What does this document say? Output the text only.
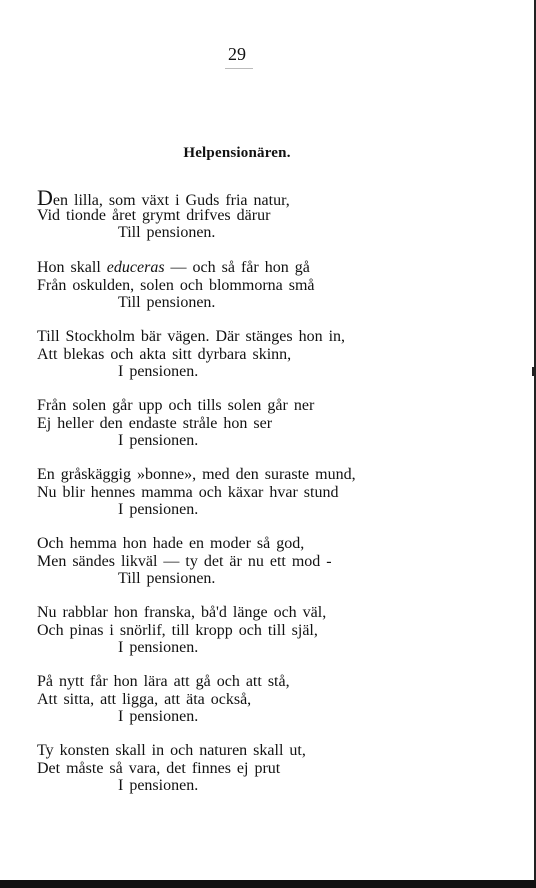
29
Helpensionären.
Den lilla, som växt i Guds fria natur,
Vid tionde året grymt drifves därur
Till pensionen.
Hon skall educeras — och så får hon gå
Från oskulden, solen och blommorna små
Till pensionen.
Till Stockholm bär vägen. Där stänges hon in,
Att blekas och akta sitt dyrbara skinn,
I pensionen.
Från solen går upp och tills solen går ner
Ej heller den endaste stråle hon ser
I pensionen.
En gråskäggig »bonne», med den suraste mund,
Nu blir hennes mamma och käxar hvar stund
I pensionen.
Och hemma hon hade en moder så god,
Men sändes likväl — ty det är nu ett mod -
Till pensionen.
Nu rabblar hon franska, bå'd länge och väl,
Och pinas i snörlif, till kropp och till själ,
I pensionen.
På nytt får hon lära att gå och att stå,
Att sitta, att ligga, att äta också,
I pensionen.
Ty konsten skall in och naturen skall ut,
Det måste så vara, det finnes ej prut
I pensionen.
